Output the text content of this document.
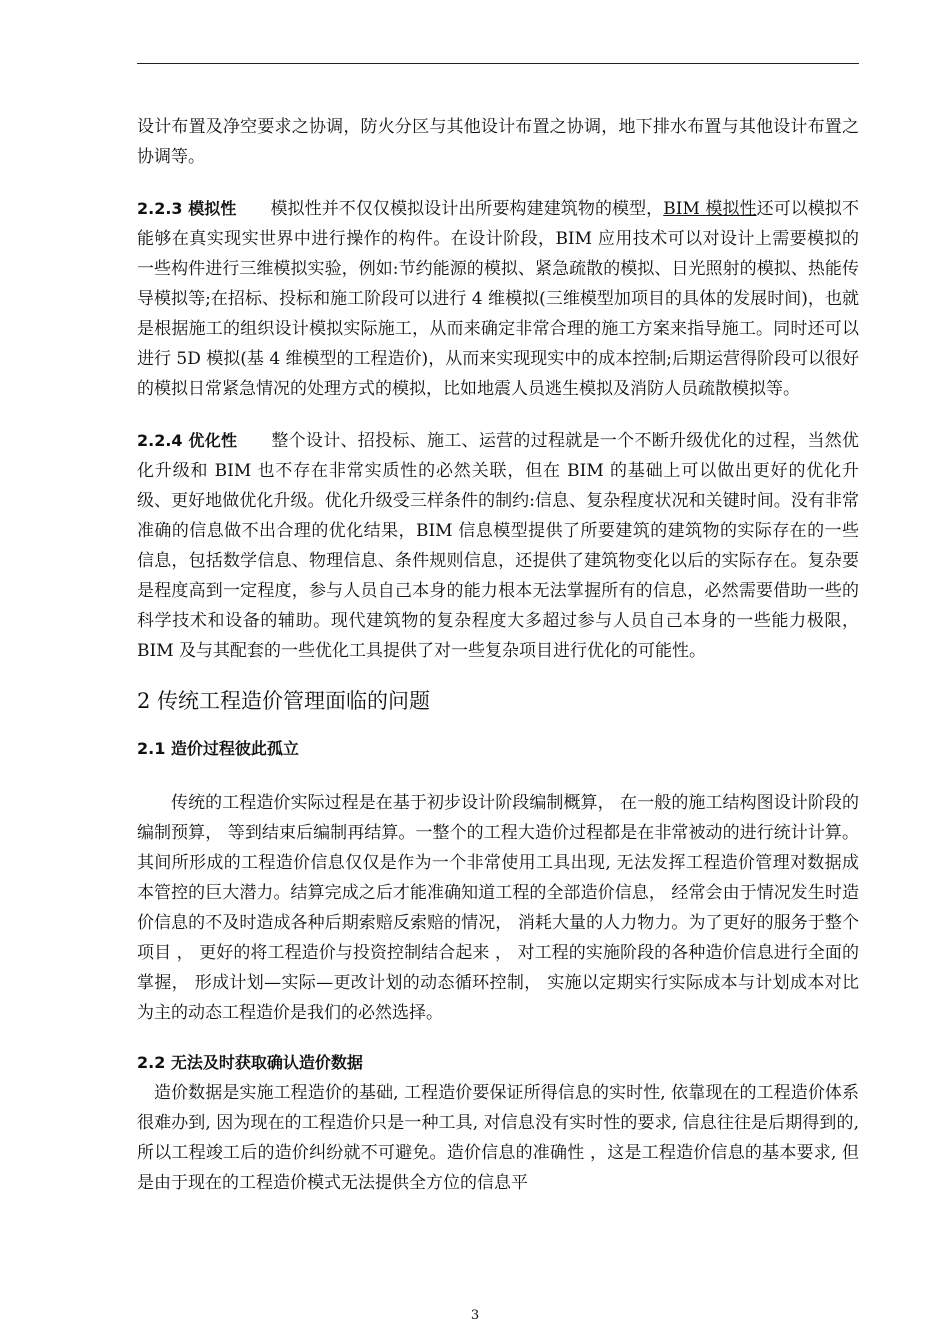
设计布置及净空要求之协调，防火分区与其他设计布置之协调，地下排水布置与其他设计布置之协调等。

2.2.3 模拟性 模拟性并不仅仅模拟设计出所要构建建筑物的模型，BIM 模拟性还可以模拟不能够在真实现实世界中进行操作的构件。在设计阶段，BIM 应用技术可以对设计上需要模拟的一些构件进行三维模拟实验，例如:节约能源的模拟、紧急疏散的模拟、日光照射的模拟、热能传导模拟等;在招标、投标和施工阶段可以进行 4 维模拟(三维模型加项目的具体的发展时间)，也就是根据施工的组织设计模拟实际施工，从而来确定非常合理的施工方案来指导施工。同时还可以进行 5D 模拟(基 4 维模型的工程造价)，从而来实现现实中的成本控制;后期运营得阶段可以很好的模拟日常紧急情况的处理方式的模拟，比如地震人员逃生模拟及消防人员疏散模拟等。

2.2.4 优化性 整个设计、招投标、施工、运营的过程就是一个不断升级优化的过程，当然优化升级和 BIM 也不存在非常实质性的必然关联，但在 BIM 的基础上可以做出更好的优化升级、更好地做优化升级。优化升级受三样条件的制约:信息、复杂程度状况和关键时间。没有非常准确的信息做不出合理的优化结果，BIM 信息模型提供了所要建筑的建筑物的实际存在的一些信息，包括数学信息、物理信息、条件规则信息，还提供了建筑物变化以后的实际存在。复杂要是程度高到一定程度，参与人员自己本身的能力根本无法掌握所有的信息，必然需要借助一些的科学技术和设备的辅助。现代建筑物的复杂程度大多超过参与人员自己本身的一些能力极限，BIM 及与其配套的一些优化工具提供了对一些复杂项目进行优化的可能性。

2 传统工程造价管理面临的问题
2.1 造价过程彼此孤立

传统的工程造价实际过程是在基于初步设计阶段编制概算， 在一般的施工结构图设计阶段的编制预算， 等到结束后编制再结算。一整个的工程大造价过程都是在非常被动的进行统计计算。其间所形成的工程造价信息仅仅是作为一个非常使用工具出现, 无法发挥工程造价管理对数据成本管控的巨大潜力。结算完成之后才能准确知道工程的全部造价信息， 经常会由于情况发生时造价信息的不及时造成各种后期索赔反索赔的情况， 消耗大量的人力物力。为了更好的服务于整个项目 ， 更好的将工程造价与投资控制结合起来 ， 对工程的实施阶段的各种造价信息进行全面的掌握， 形成计划—实际—更改计划的动态循环控制， 实施以定期实行实际成本与计划成本对比为主的动态工程造价是我们的必然选择。

2.2 无法及时获取确认造价数据

造价数据是实施工程造价的基础, 工程造价要保证所得信息的实时性, 依靠现在的工程造价体系很难办到, 因为现在的工程造价只是一种工具, 对信息没有实时性的要求, 信息往往是后期得到的, 所以工程竣工后的造价纠纷就不可避免。造价信息的准确性 ，这是工程造价信息的基本要求, 但是由于现在的工程造价模式无法提供全方位的信息平

3
